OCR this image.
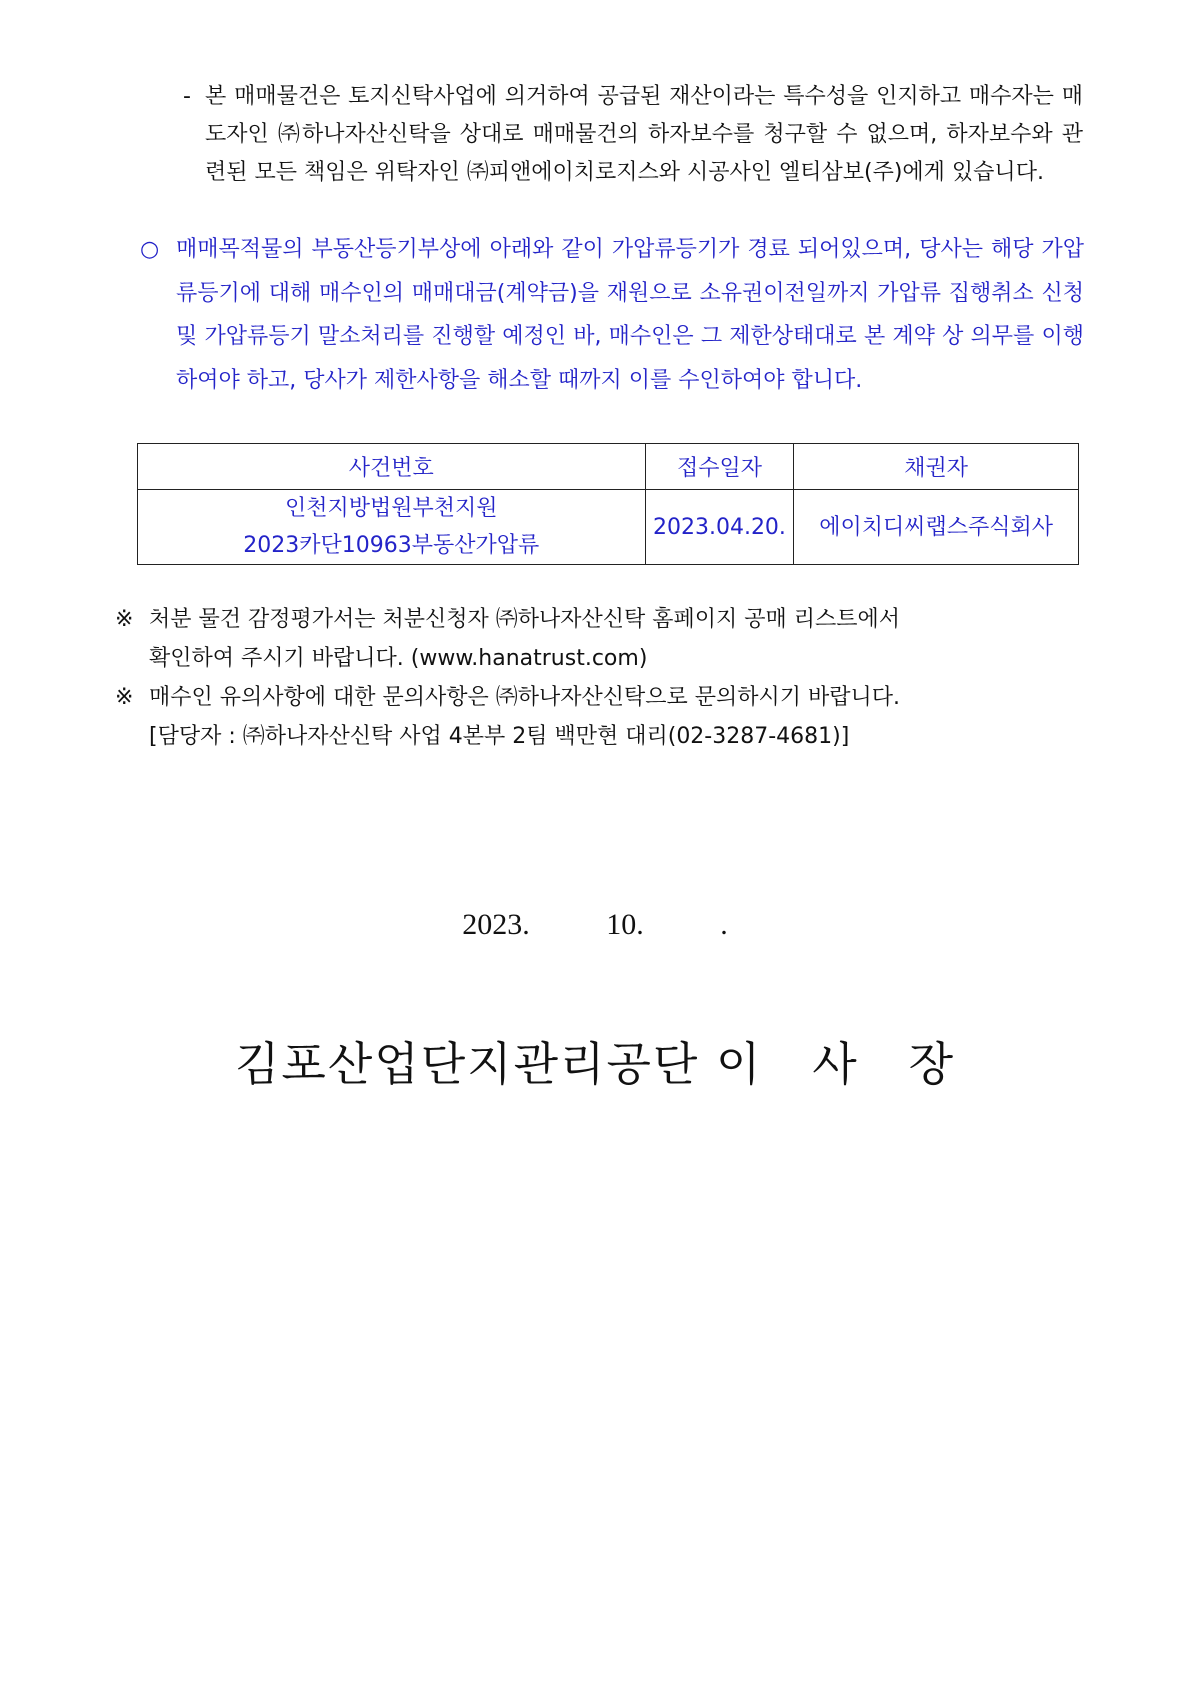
- 본 매매물건은 토지신탁사업에 의거하여 공급된 재산이라는 특수성을 인지하고 매수자는 매도자인 ㈜하나자산신탁을 상대로 매매물건의 하자보수를 청구할 수 없으며, 하자보수와 관련된 모든 책임은 위탁자인 ㈜피앤에이치로지스와 시공사인 엘티삼보(주)에게 있습니다.
○ 매매목적물의 부동산등기부상에 아래와 같이 가압류등기가 경료 되어있으며, 당사는 해당 가압류등기에 대해 매수인의 매매대금(계약금)을 재원으로 소유권이전일까지 가압류 집행취소 신청 및 가압류등기 말소처리를 진행할 예정인 바, 매수인은 그 제한상태대로 본 계약 상 의무를 이행하여야 하고, 당사가 제한사항을 해소할 때까지 이를 수인하여야 합니다.
사건번호	접수일자	채권자

인천지방법원부천지원
2023카단10963부동산가압류	2023.04.20.	에이치디씨랩스주식회사
※ 처분 물건 감정평가서는 처분신청자 ㈜하나자산신탁 홈페이지 공매 리스트에서
확인하여 주시기 바랍니다. (www.hanatrust.com)
※ 매수인 유의사항에 대한 문의사항은 ㈜하나자산신탁으로 문의하시기 바랍니다.
[담당자 : ㈜하나자산신탁 사업 4본부 2팀 백만현 대리(02-3287-4681)]
2023.   10.   .
김포산업단지관리공단 이   사   장
